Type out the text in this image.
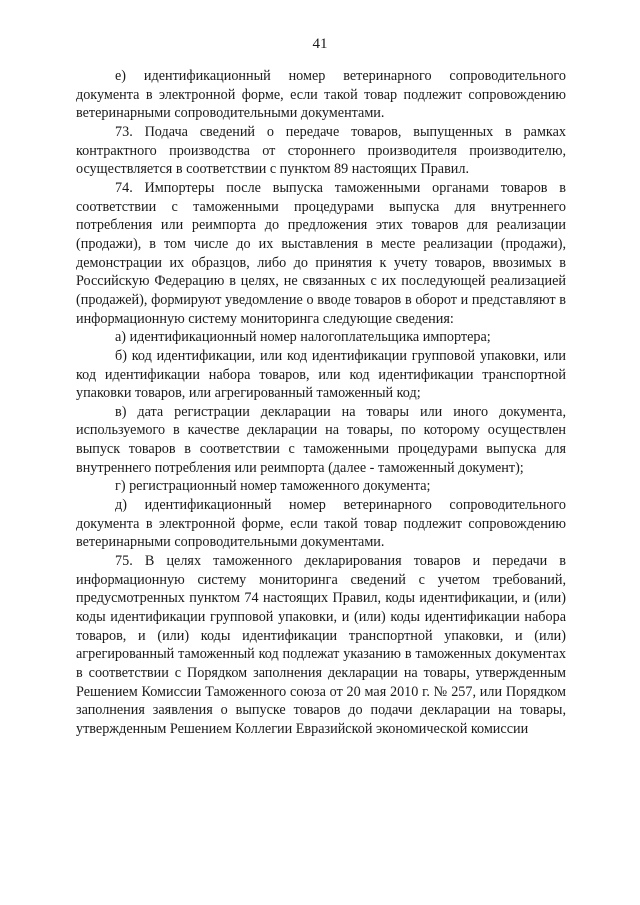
41

е) идентификационный номер ветеринарного сопроводительного документа в электронной форме, если такой товар подлежит сопровождению ветеринарными сопроводительными документами.

73. Подача сведений о передаче товаров, выпущенных в рамках контрактного производства от стороннего производителя производителю, осуществляется в соответствии с пунктом 89 настоящих Правил.

74. Импортеры после выпуска таможенными органами товаров в соответствии с таможенными процедурами выпуска для внутреннего потребления или реимпорта до предложения этих товаров для реализации (продажи), в том числе до их выставления в месте реализации (продажи), демонстрации их образцов, либо до принятия к учету товаров, ввозимых в Российскую Федерацию в целях, не связанных с их последующей реализацией (продажей), формируют уведомление о вводе товаров в оборот и представляют в информационную систему мониторинга следующие сведения:

а) идентификационный номер налогоплательщика импортера;

б) код идентификации, или код идентификации групповой упаковки, или код идентификации набора товаров, или код идентификации транспортной упаковки товаров, или агрегированный таможенный код;

в) дата регистрации декларации на товары или иного документа, используемого в качестве декларации на товары, по которому осуществлен выпуск товаров в соответствии с таможенными процедурами выпуска для внутреннего потребления или реимпорта (далее - таможенный документ);

г) регистрационный номер таможенного документа;

д) идентификационный номер ветеринарного сопроводительного документа в электронной форме, если такой товар подлежит сопровождению ветеринарными сопроводительными документами.

75. В целях таможенного декларирования товаров и передачи в информационную систему мониторинга сведений с учетом требований, предусмотренных пунктом 74 настоящих Правил, коды идентификации, и (или) коды идентификации групповой упаковки, и (или) коды идентификации набора товаров, и (или) коды идентификации транспортной упаковки, и (или) агрегированный таможенный код подлежат указанию в таможенных документах в соответствии с Порядком заполнения декларации на товары, утвержденным Решением Комиссии Таможенного союза от 20 мая 2010 г. № 257, или Порядком заполнения заявления о выпуске товаров до подачи декларации на товары, утвержденным Решением Коллегии Евразийской экономической комиссии
